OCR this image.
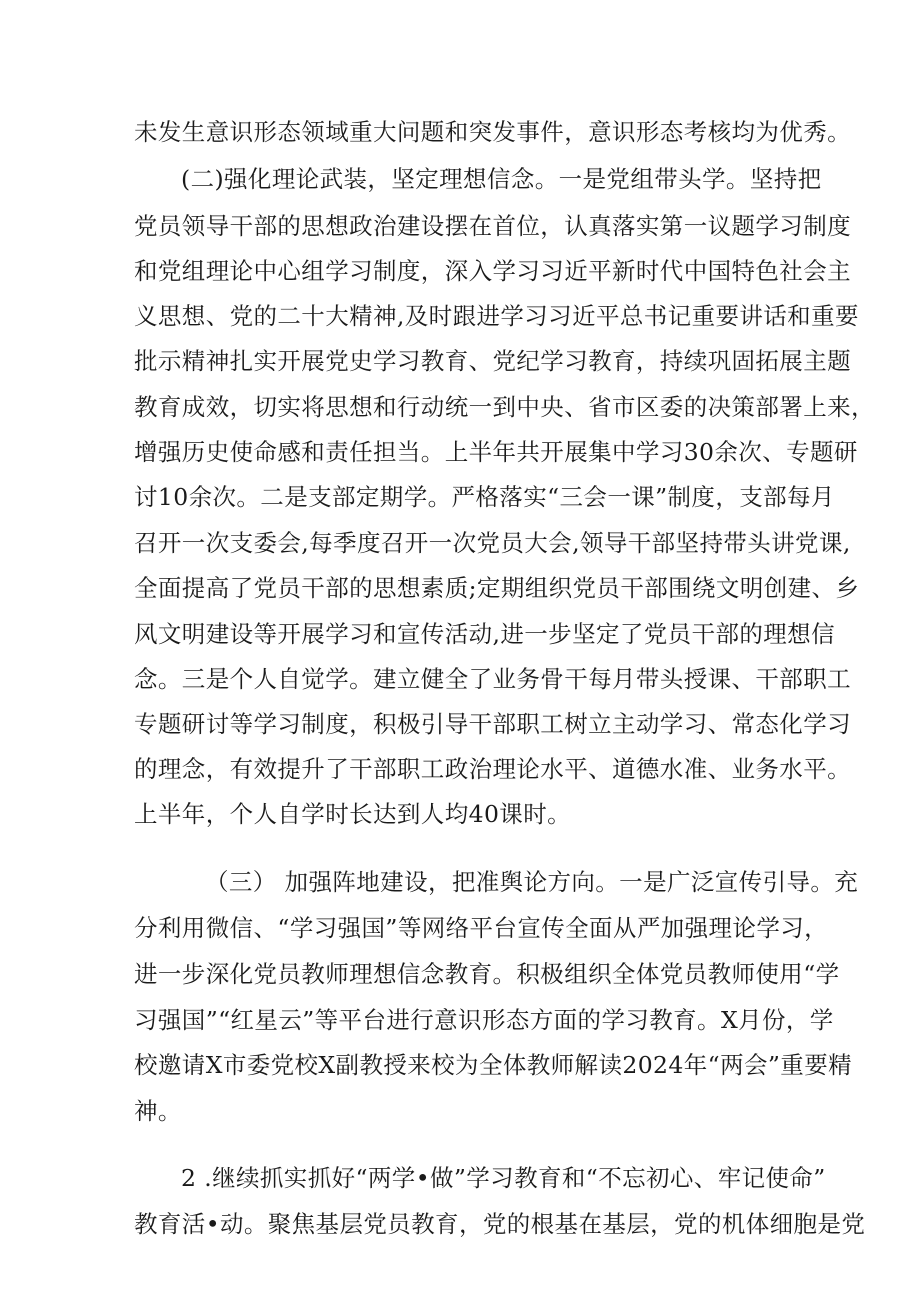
未发生意识形态领域重大问题和突发事件，意识形态考核均为优秀。
(二)强化理论武装，坚定理想信念。一是党组带头学。坚持把
党员领导干部的思想政治建设摆在首位，认真落实第一议题学习制度
和党组理论中心组学习制度，深入学习习近平新时代中国特色社会主
义思想、党的二十大精神,及时跟进学习习近平总书记重要讲话和重要
批示精神扎实开展党史学习教育、党纪学习教育，持续巩固拓展主题
教育成效，切实将思想和行动统一到中央、省市区委的决策部署上来，
增强历史使命感和责任担当。上半年共开展集中学习30余次、专题研
讨10余次。二是支部定期学。严格落实“三会一课”制度，支部每月
召开一次支委会,每季度召开一次党员大会,领导干部坚持带头讲党课,
全面提高了党员干部的思想素质;定期组织党员干部围绕文明创建、乡
风文明建设等开展学习和宣传活动,进一步坚定了党员干部的理想信
念。三是个人自觉学。建立健全了业务骨干每月带头授课、干部职工
专题研讨等学习制度，积极引导干部职工树立主动学习、常态化学习
的理念，有效提升了干部职工政治理论水平、道德水准、业务水平。
上半年，个人自学时长达到人均40课时。
（三） 加强阵地建设，把准舆论方向。一是广泛宣传引导。充
分利用微信、“学习强国”等网络平台宣传全面从严加强理论学习，
进一步深化党员教师理想信念教育。积极组织全体党员教师使用“学
习强国”“红星云”等平台进行意识形态方面的学习教育。X月份，学
校邀请X市委党校X副教授来校为全体教师解读2024年“两会”重要精
神。
2 .继续抓实抓好“两学•做”学习教育和“不忘初心、牢记使命”
教育活•动。聚焦基层党员教育，党的根基在基层，党的机体细胞是党
